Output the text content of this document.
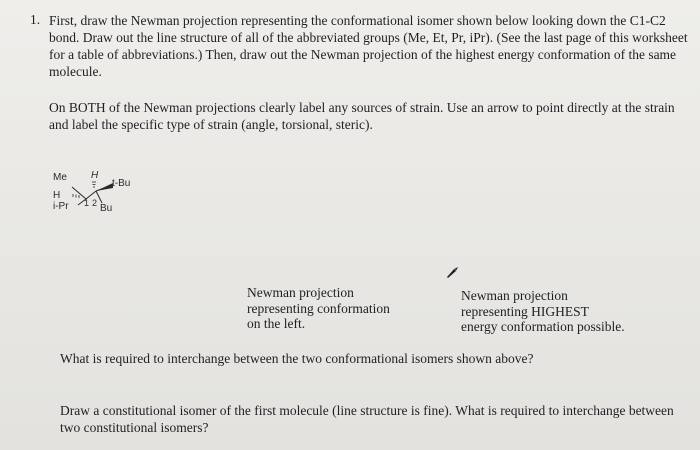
1. First, draw the Newman projection representing the conformational isomer shown below looking down the C1-C2 bond. Draw out the line structure of all of the abbreviated groups (Me, Et, Pr, iPr). (See the last page of this worksheet for a table of abbreviations.) Then, draw out the Newman projection of the highest energy conformation of the same molecule.

On BOTH of the Newman projections clearly label any sources of strain. Use an arrow to point directly at the strain and label the specific type of strain (angle, torsional, steric).

Me H
t-Bu
H
1 2
i-Pr	Bu

Newman projection
representing conformation
on the left.

Newman projection
representing HIGHEST
energy conformation possible.

What is required to interchange between the two conformational isomers shown above?

Draw a constitutional isomer of the first molecule (line structure is fine). What is required to interchange between two constitutional isomers?
